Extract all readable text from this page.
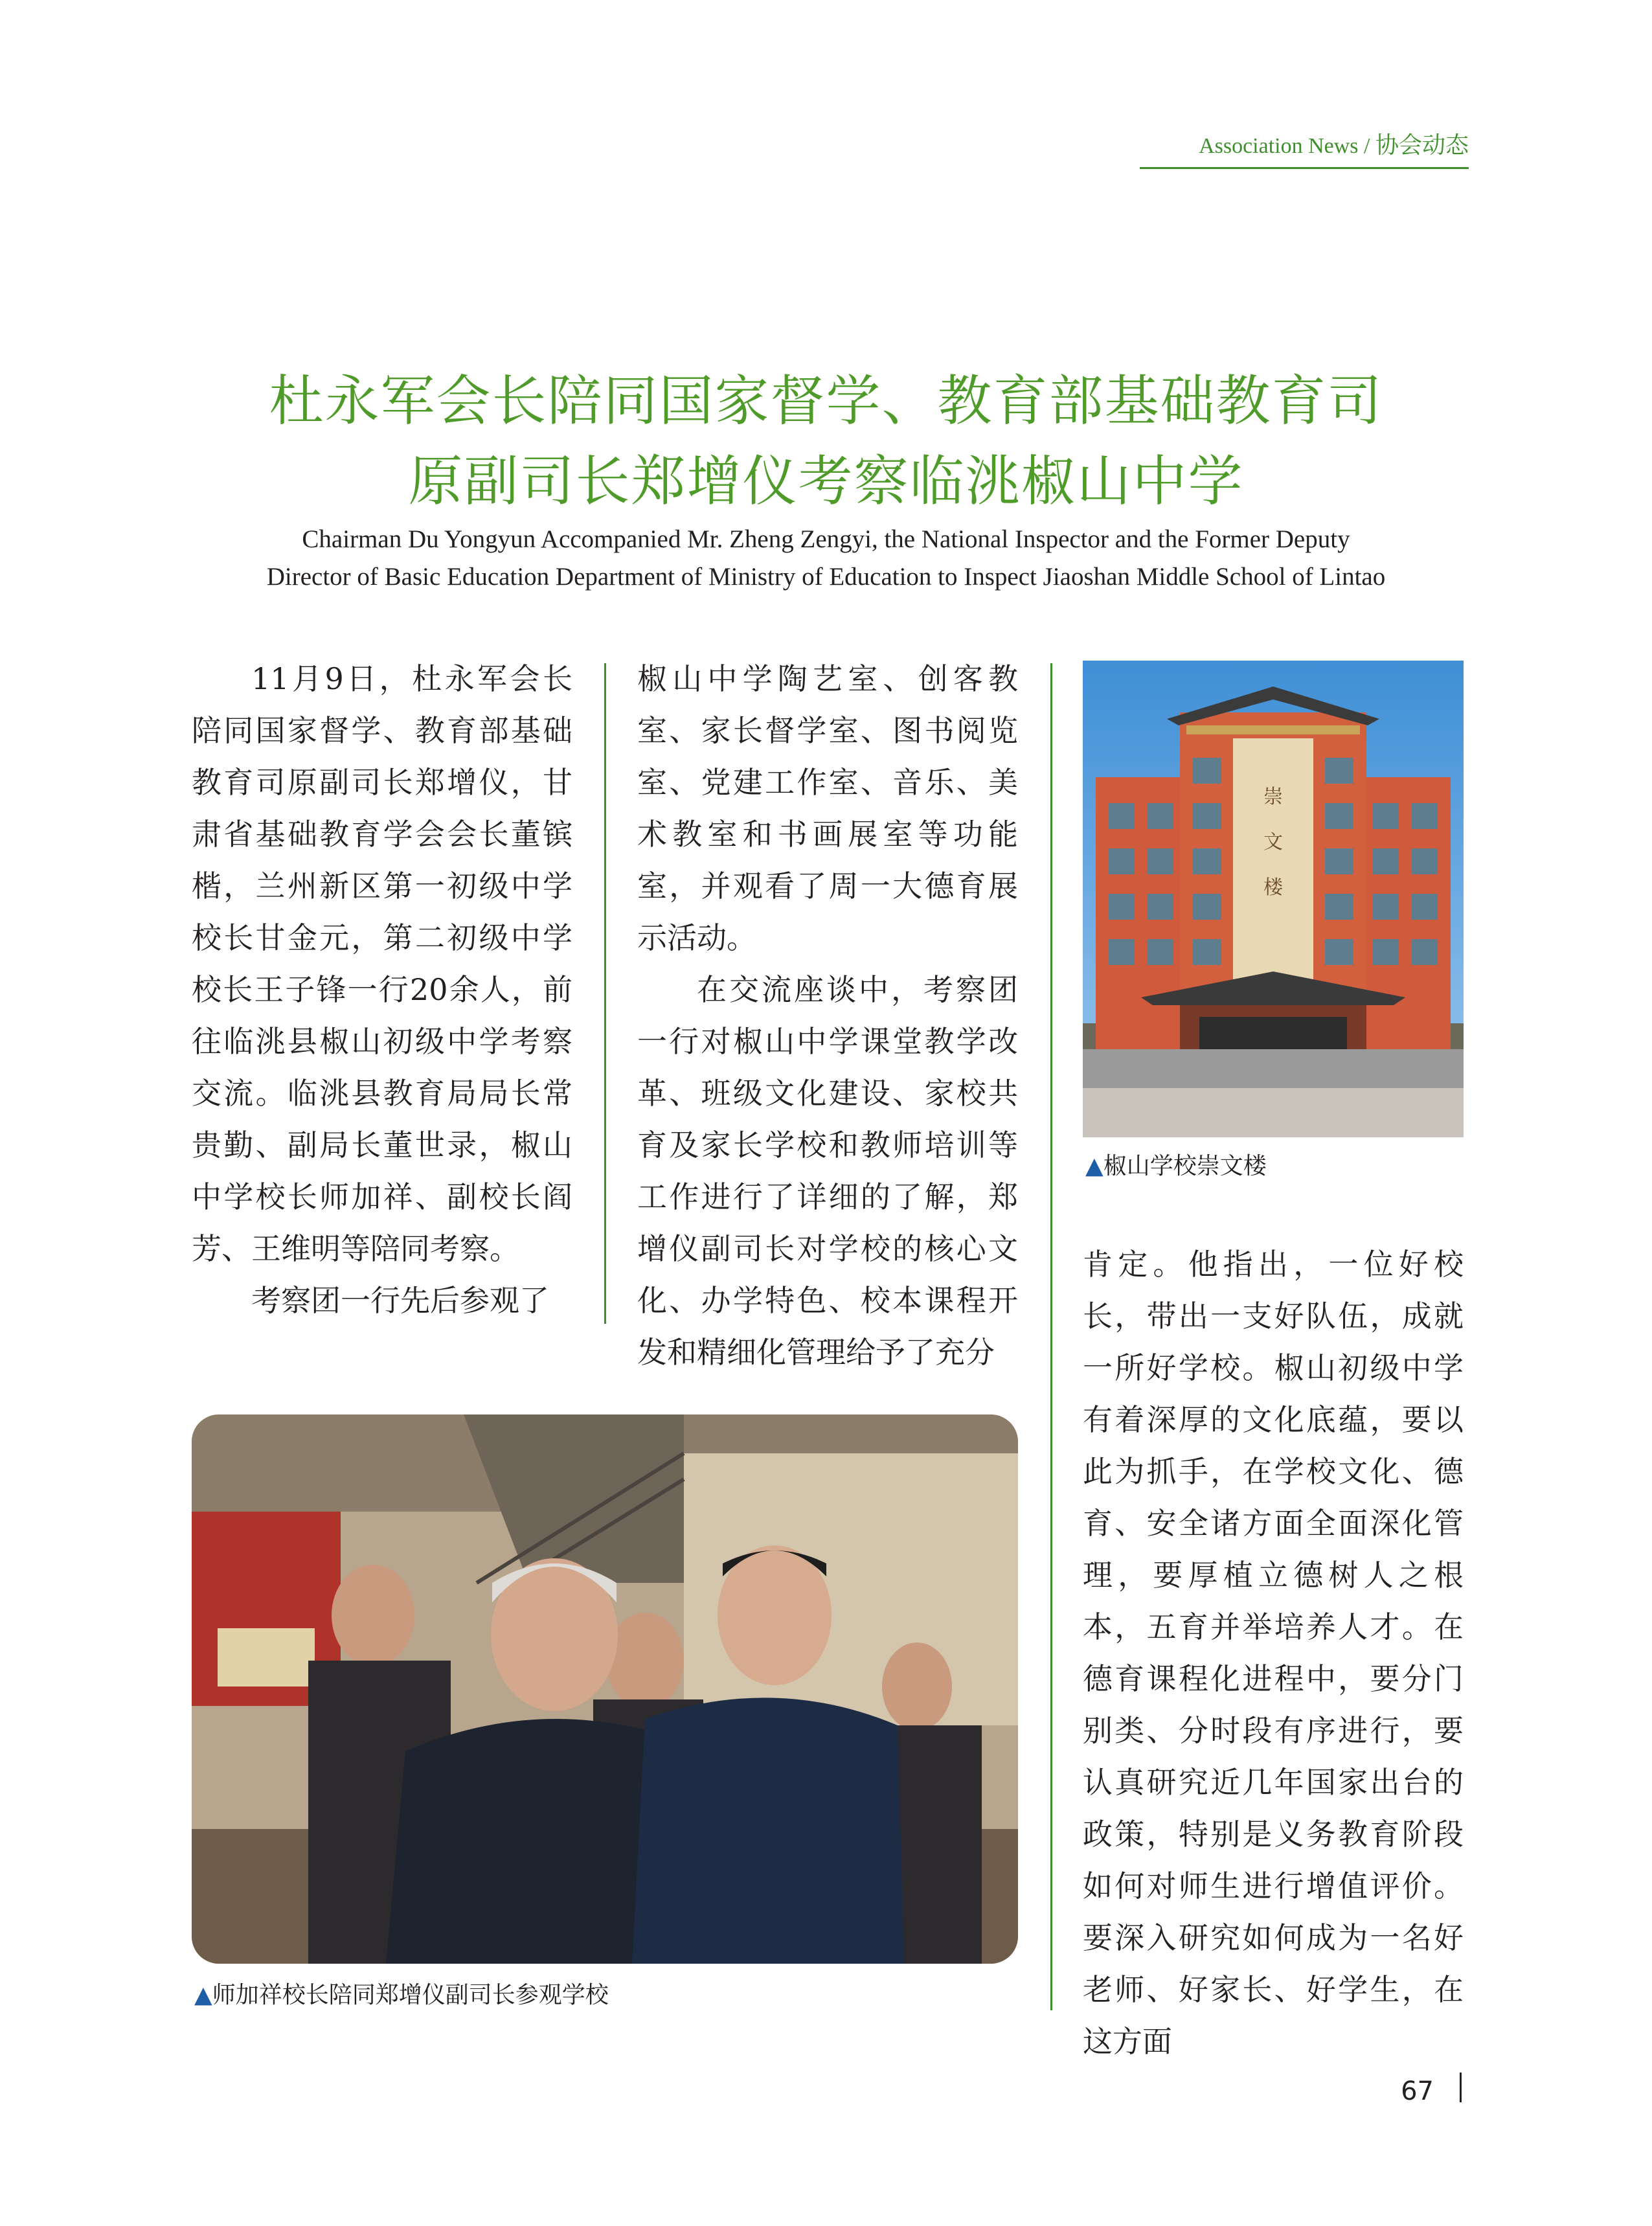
Association News / 协会动态
杜永军会长陪同国家督学、教育部基础教育司
原副司长郑增仪考察临洮椒山中学
Chairman Du Yongyun Accompanied Mr. Zheng Zengyi, the National Inspector and the Former Deputy
Director of Basic Education Department of Ministry of Education to Inspect Jiaoshan Middle School of Lintao

11月9日，杜永军会长陪同国家督学、教育部基础教育司原副司长郑增仪，甘肃省基础教育学会会长董镔楷，兰州新区第一初级中学校长甘金元，第二初级中学校长王子锋一行20余人，前往临洮县椒山初级中学考察交流。临洮县教育局局长常贵勤、副局长董世录，椒山中学校长师加祥、副校长阎芳、王维明等陪同考察。

考察团一行先后参观了

椒山中学陶艺室、创客教室、家长督学室、图书阅览室、党建工作室、音乐、美术教室和书画展室等功能室，并观看了周一大德育展示活动。

在交流座谈中，考察团一行对椒山中学课堂教学改革、班级文化建设、家校共育及家长学校和教师培训等工作进行了详细的了解，郑增仪副司长对学校的核心文化、办学特色、校本课程开发和精细化管理给予了充分

崇
文
楼
▲椒山学校崇文楼

肯定。他指出，一位好校长，带出一支好队伍，成就一所好学校。椒山初级中学有着深厚的文化底蕴，要以此为抓手，在学校文化、德育、安全诸方面全面深化管理，要厚植立德树人之根本，五育并举培养人才。在德育课程化进程中，要分门别类、分时段有序进行，要认真研究近几年国家出台的政策，特别是义务教育阶段如何对师生进行增值评价。要深入研究如何成为一名好老师、好家长、好学生，在这方面

▲师加祥校长陪同郑增仪副司长参观学校
67
